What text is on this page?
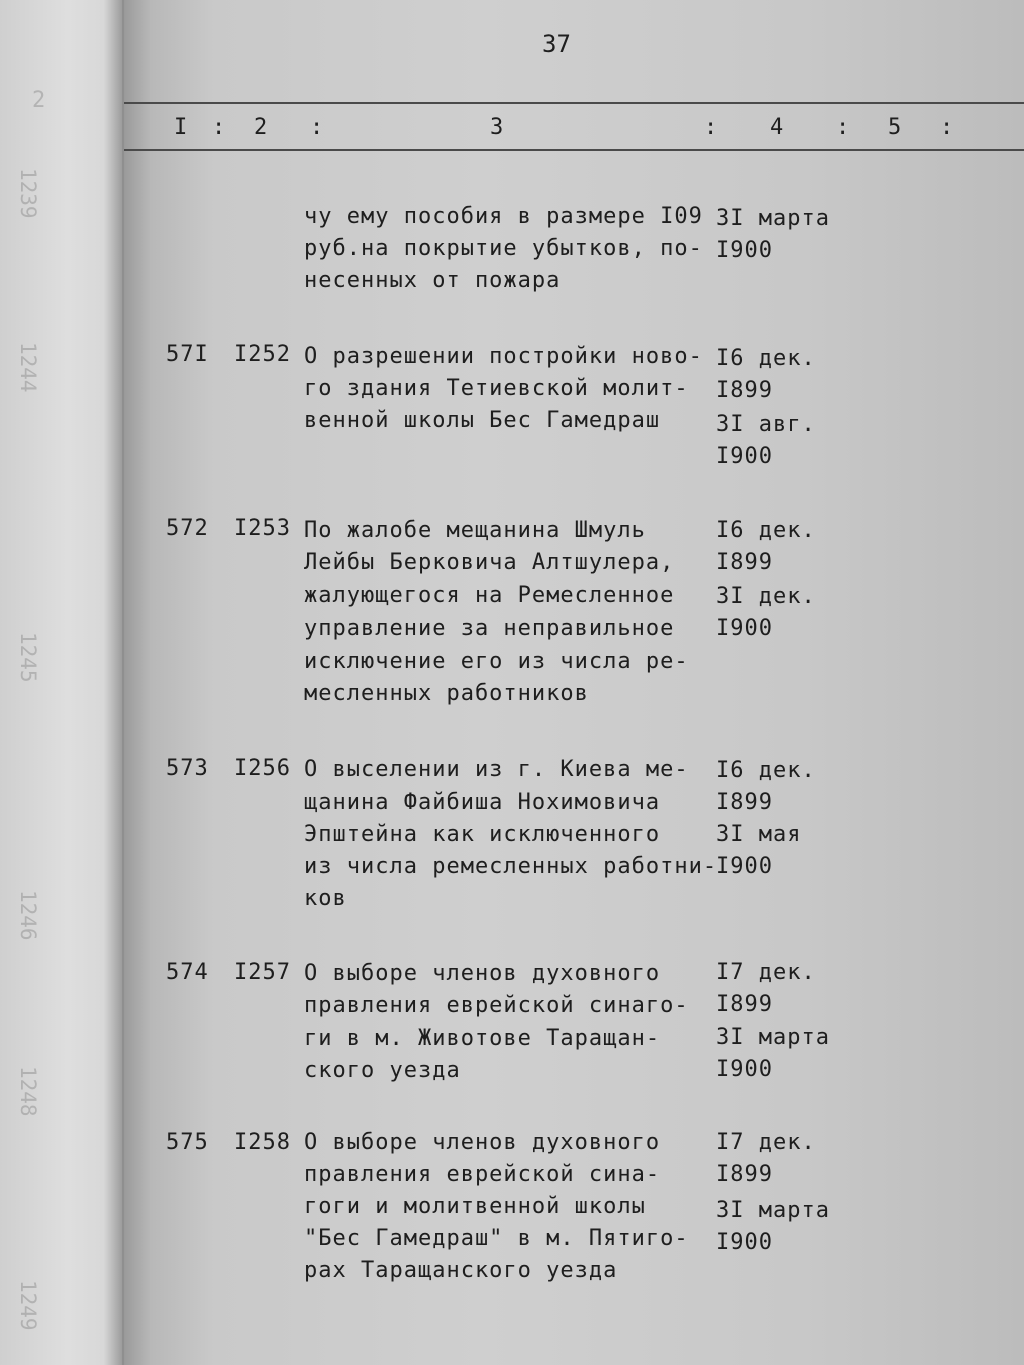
2
1239
1244
1245
1246
1248
1249
37
I : 2 :	3	: 4 : 5 :
чу ему пособия в размере I09
руб.на покрытие убытков, по-
несенных от пожара
3I марта
I900
57I I252 О разрешении постройки ново-
го здания Тетиевской молит-
венной школы Бес Гамедраш
I6 дек.
I899
3I авг.
I900
572 I253 По жалобе мещанина Шмуль
Лейбы Берковича Алтшулера,
жалующегося на Ремесленное
управление за неправильное
исключение его из числа ре-
месленных работников
I6 дек.
I899
3I дек.
I900
573 I256 О выселении из г. Киева ме-
щанина Файбиша Нохимовича
Эпштейна как исключенного
из числа ремесленных работни-
ков
I6 дек.
I899
3I мая
I900
574 I257 О выборе членов духовного
правления еврейской синаго-
ги в м. Животове Таращан-
ского уезда
I7 дек.
I899
3I марта
I900
575 I258 О выборе членов духовного
правления еврейской сина-
гоги и молитвенной школы
"Бес Гамедраш" в м. Пятиго-
рах Таращанского уезда
I7 дек.
I899
3I марта
I900
